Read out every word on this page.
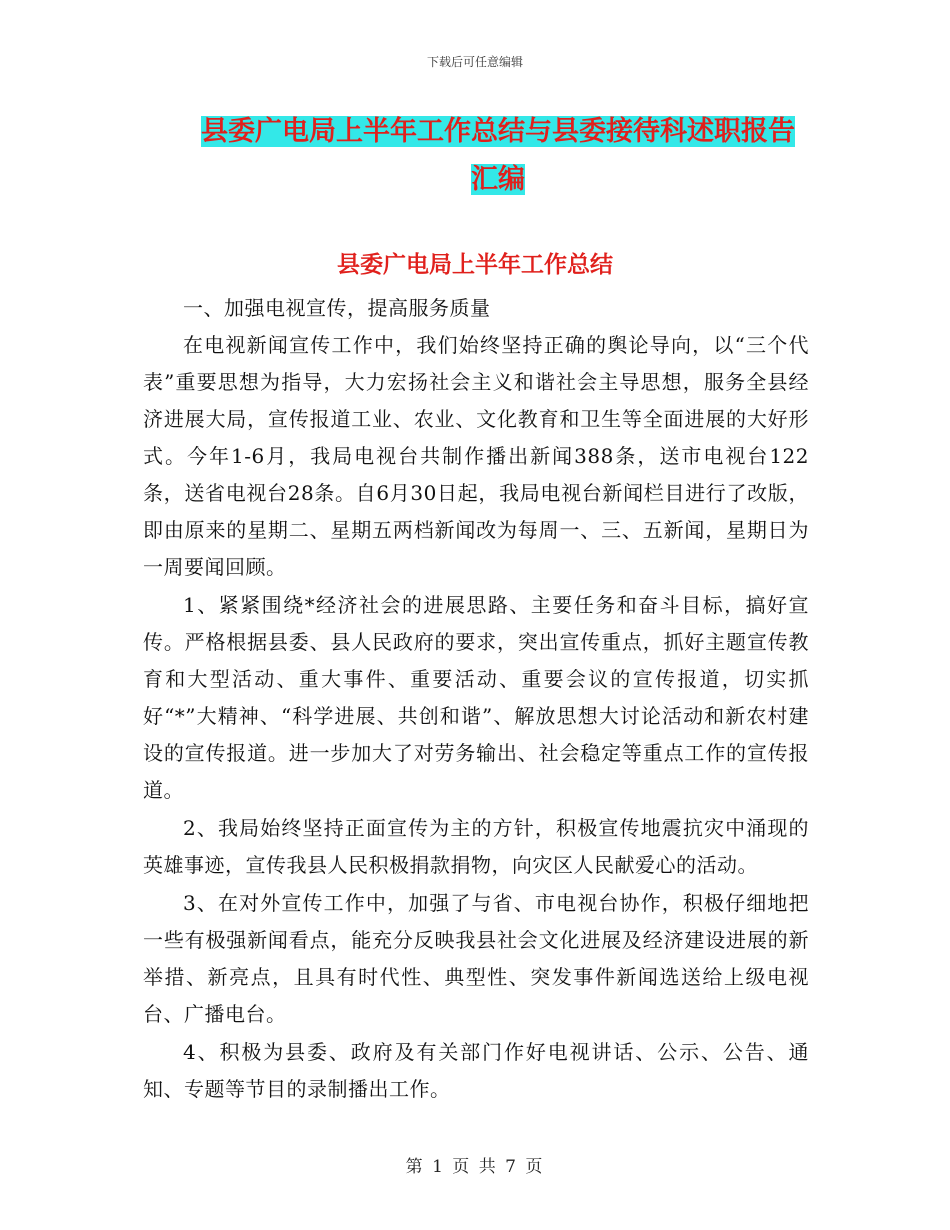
下载后可任意编辑
县委广电局上半年工作总结与县委接待科述职报告汇编
县委广电局上半年工作总结

一、加强电视宣传，提高服务质量

在电视新闻宣传工作中，我们始终坚持正确的舆论导向，以“三个代表”重要思想为指导，大力宏扬社会主义和谐社会主导思想，服务全县经济进展大局，宣传报道工业、农业、文化教育和卫生等全面进展的大好形式。今年1-6月，我局电视台共制作播出新闻388条，送市电视台122条，送省电视台28条。自6月30日起，我局电视台新闻栏目进行了改版，即由原来的星期二、星期五两档新闻改为每周一、三、五新闻，星期日为一周要闻回顾。

1、紧紧围绕*经济社会的进展思路、主要任务和奋斗目标，搞好宣传。严格根据县委、县人民政府的要求，突出宣传重点，抓好主题宣传教育和大型活动、重大事件、重要活动、重要会议的宣传报道，切实抓好“*”大精神、“科学进展、共创和谐”、解放思想大讨论活动和新农村建设的宣传报道。进一步加大了对劳务输出、社会稳定等重点工作的宣传报道。

2、我局始终坚持正面宣传为主的方针，积极宣传地震抗灾中涌现的英雄事迹，宣传我县人民积极捐款捐物，向灾区人民献爱心的活动。

3、在对外宣传工作中，加强了与省、市电视台协作，积极仔细地把一些有极强新闻看点，能充分反映我县社会文化进展及经济建设进展的新举措、新亮点，且具有时代性、典型性、突发事件新闻选送给上级电视台、广播电台。

4、积极为县委、政府及有关部门作好电视讲话、公示、公告、通知、专题等节目的录制播出工作。

第 1 页 共 7 页
